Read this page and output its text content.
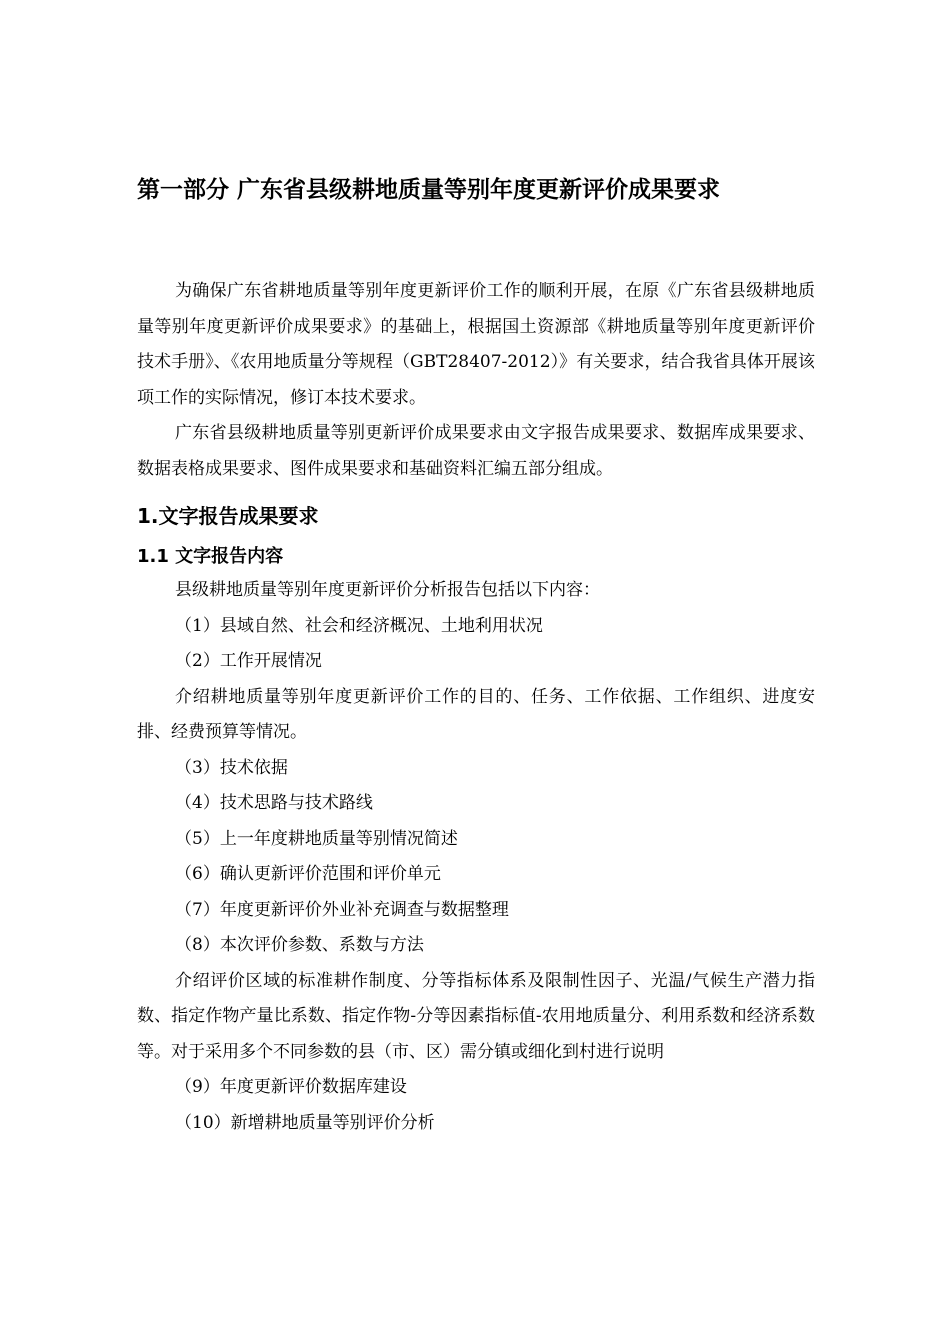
第一部分 广东省县级耕地质量等别年度更新评价成果要求

为确保广东省耕地质量等别年度更新评价工作的顺利开展，在原《广东省县级耕地质量等别年度更新评价成果要求》的基础上，根据国土资源部《耕地质量等别年度更新评价技术手册》、《农用地质量分等规程（GBT28407-2012）》有关要求，结合我省具体开展该项工作的实际情况，修订本技术要求。

广东省县级耕地质量等别更新评价成果要求由文字报告成果要求、数据库成果要求、数据表格成果要求、图件成果要求和基础资料汇编五部分组成。

1.文字报告成果要求
1.1 文字报告内容

县级耕地质量等别年度更新评价分析报告包括以下内容：

（1）县域自然、社会和经济概况、土地利用状况

（2）工作开展情况

介绍耕地质量等别年度更新评价工作的目的、任务、工作依据、工作组织、进度安排、经费预算等情况。

（3）技术依据

（4）技术思路与技术路线

（5）上一年度耕地质量等别情况简述

（6）确认更新评价范围和评价单元

（7）年度更新评价外业补充调查与数据整理

（8）本次评价参数、系数与方法

介绍评价区域的标准耕作制度、分等指标体系及限制性因子、光温/气候生产潜力指数、指定作物产量比系数、指定作物-分等因素指标值-农用地质量分、利用系数和经济系数等。对于采用多个不同参数的县（市、区）需分镇或细化到村进行说明

（9）年度更新评价数据库建设

（10）新增耕地质量等别评价分析
